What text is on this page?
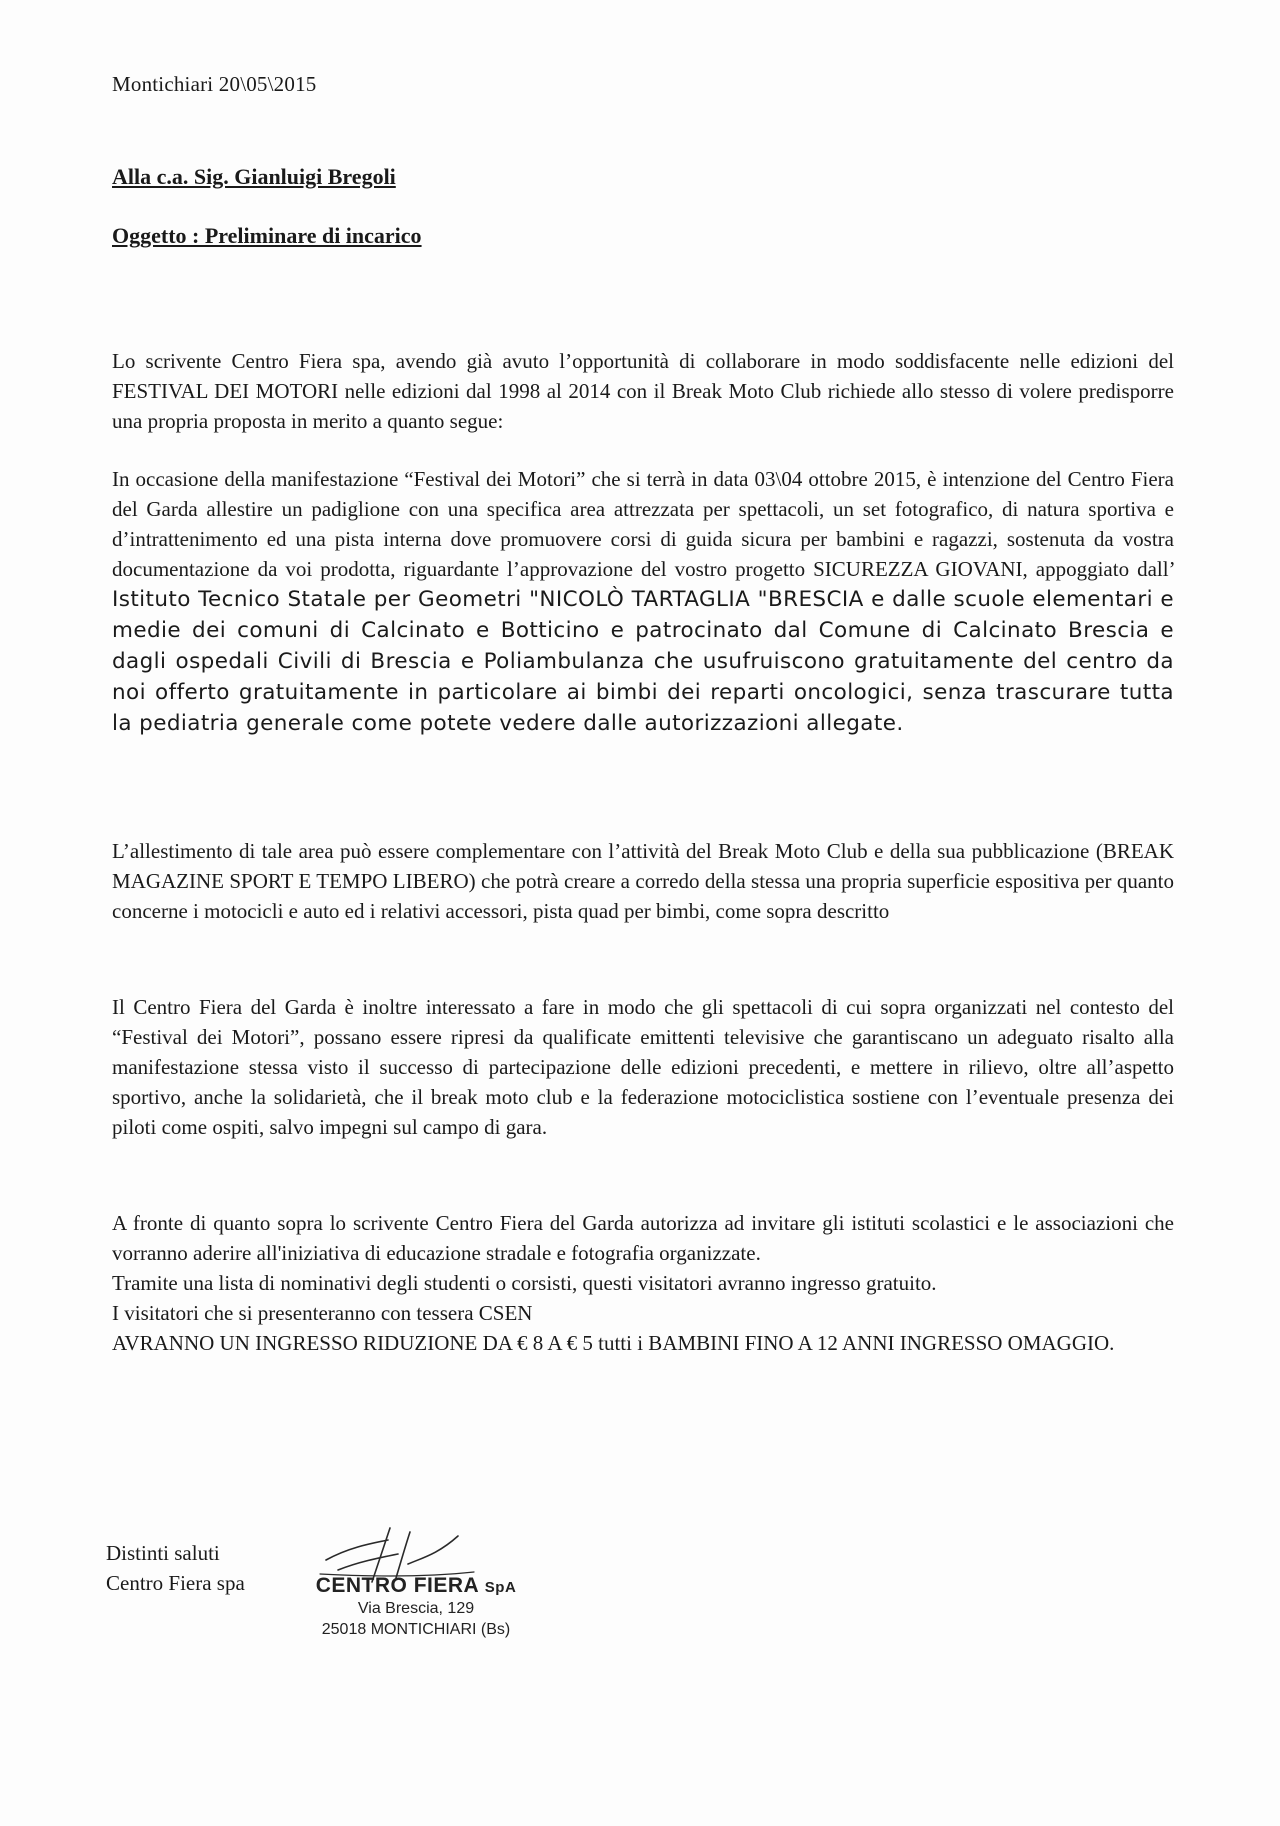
Montichiari 20\05\2015
Alla c.a. Sig. Gianluigi Bregoli
Oggetto : Preliminare di incarico

Lo scrivente Centro Fiera spa, avendo già avuto l’opportunità di collaborare in modo soddisfacente nelle edizioni del FESTIVAL DEI MOTORI nelle edizioni dal 1998 al 2014 con il Break Moto Club richiede allo stesso di volere predisporre una propria proposta in merito a quanto segue:

In occasione della manifestazione “Festival dei Motori” che si terrà in data 03\04 ottobre 2015, è intenzione del Centro Fiera del Garda allestire un padiglione con una specifica area attrezzata per spettacoli, un set fotografico, di natura sportiva e d’intrattenimento ed una pista interna dove promuovere corsi di guida sicura per bambini e ragazzi, sostenuta da vostra documentazione da voi prodotta, riguardante l’approvazione del vostro progetto SICUREZZA GIOVANI, appoggiato dall’ Istituto Tecnico Statale per Geometri "NICOLÒ TARTAGLIA "BRESCIA e dalle scuole elementari e medie dei comuni di Calcinato e Botticino e patrocinato dal Comune di Calcinato Brescia e dagli ospedali Civili di Brescia e Poliambulanza che usufruiscono gratuitamente del centro da noi offerto gratuitamente in particolare ai bimbi dei reparti oncologici, senza trascurare tutta la pediatria generale come potete vedere dalle autorizzazioni allegate.

L’allestimento di tale area può essere complementare con l’attività del Break Moto Club e della sua pubblicazione (BREAK MAGAZINE SPORT E TEMPO LIBERO) che potrà creare a corredo della stessa una propria superficie espositiva per quanto concerne i motocicli e auto ed i relativi accessori, pista quad per bimbi, come sopra descritto

Il Centro Fiera del Garda è inoltre interessato a fare in modo che gli spettacoli di cui sopra organizzati nel contesto del “Festival dei Motori”, possano essere ripresi da qualificate emittenti televisive che garantiscano un adeguato risalto alla manifestazione stessa visto il successo di partecipazione delle edizioni precedenti, e mettere in rilievo, oltre all’aspetto sportivo, anche la solidarietà, che il break moto club e la federazione motociclistica sostiene con l’eventuale presenza dei piloti come ospiti, salvo impegni sul campo di gara.

A fronte di quanto sopra lo scrivente Centro Fiera del Garda autorizza ad invitare gli istituti scolastici e le associazioni che vorranno aderire all'iniziativa di educazione stradale e fotografia organizzate.
Tramite una lista di nominativi degli studenti o corsisti, questi visitatori avranno ingresso gratuito.
I visitatori che si presenteranno con tessera CSEN
AVRANNO UN INGRESSO RIDUZIONE DA € 8 A € 5 tutti i BAMBINI FINO A 12 ANNI INGRESSO OMAGGIO.
Distinti saluti
Centro Fiera spa	CENTRO FIERA SpA
Via Brescia, 129
25018 MONTICHIARI (Bs)
